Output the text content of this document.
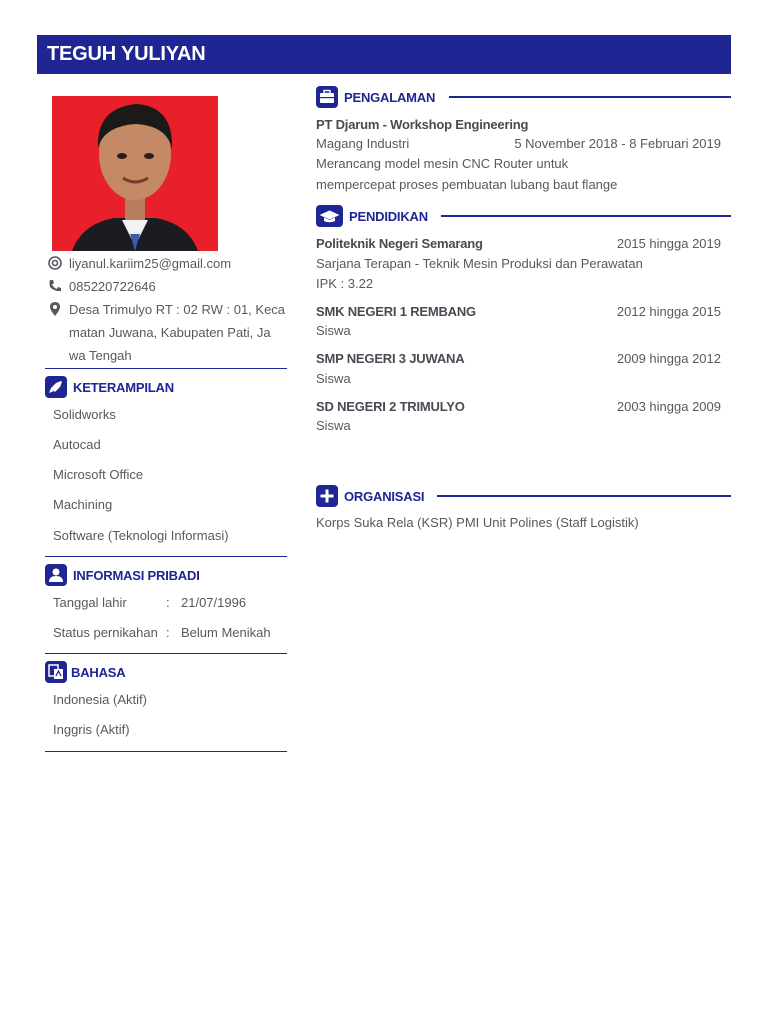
TEGUH YULIYAN
liyanul.kariim25@gmail.com
085220722646
Desa Trimulyo RT : 02 RW : 01, Keca
matan Juwana, Kabupaten Pati, Ja
wa Tengah
KETERAMPILAN
Solidworks
Autocad
Microsoft Office
Machining
Software (Teknologi Informasi)
INFORMASI PRIBADI
Tanggal lahir	: 21/07/1996
Status pernikahan : Belum Menikah
BAHASA
Indonesia (Aktif)
Inggris (Aktif)
PENGALAMAN
PT Djarum - Workshop Engineering
Magang Industri	5 November 2018 - 8 Februari 2019
Merancang model mesin CNC Router untuk
mempercepat proses pembuatan lubang baut flange
PENDIDIKAN
Politeknik Negeri Semarang	2015 hingga 2019
Sarjana Terapan - Teknik Mesin Produksi dan Perawatan
IPK : 3.22
SMK NEGERI 1 REMBANG	2012 hingga 2015
Siswa
SMP NEGERI 3 JUWANA	2009 hingga 2012
Siswa
SD NEGERI 2 TRIMULYO	2003 hingga 2009
Siswa
ORGANISASI
Korps Suka Rela (KSR) PMI Unit Polines (Staff Logistik)
